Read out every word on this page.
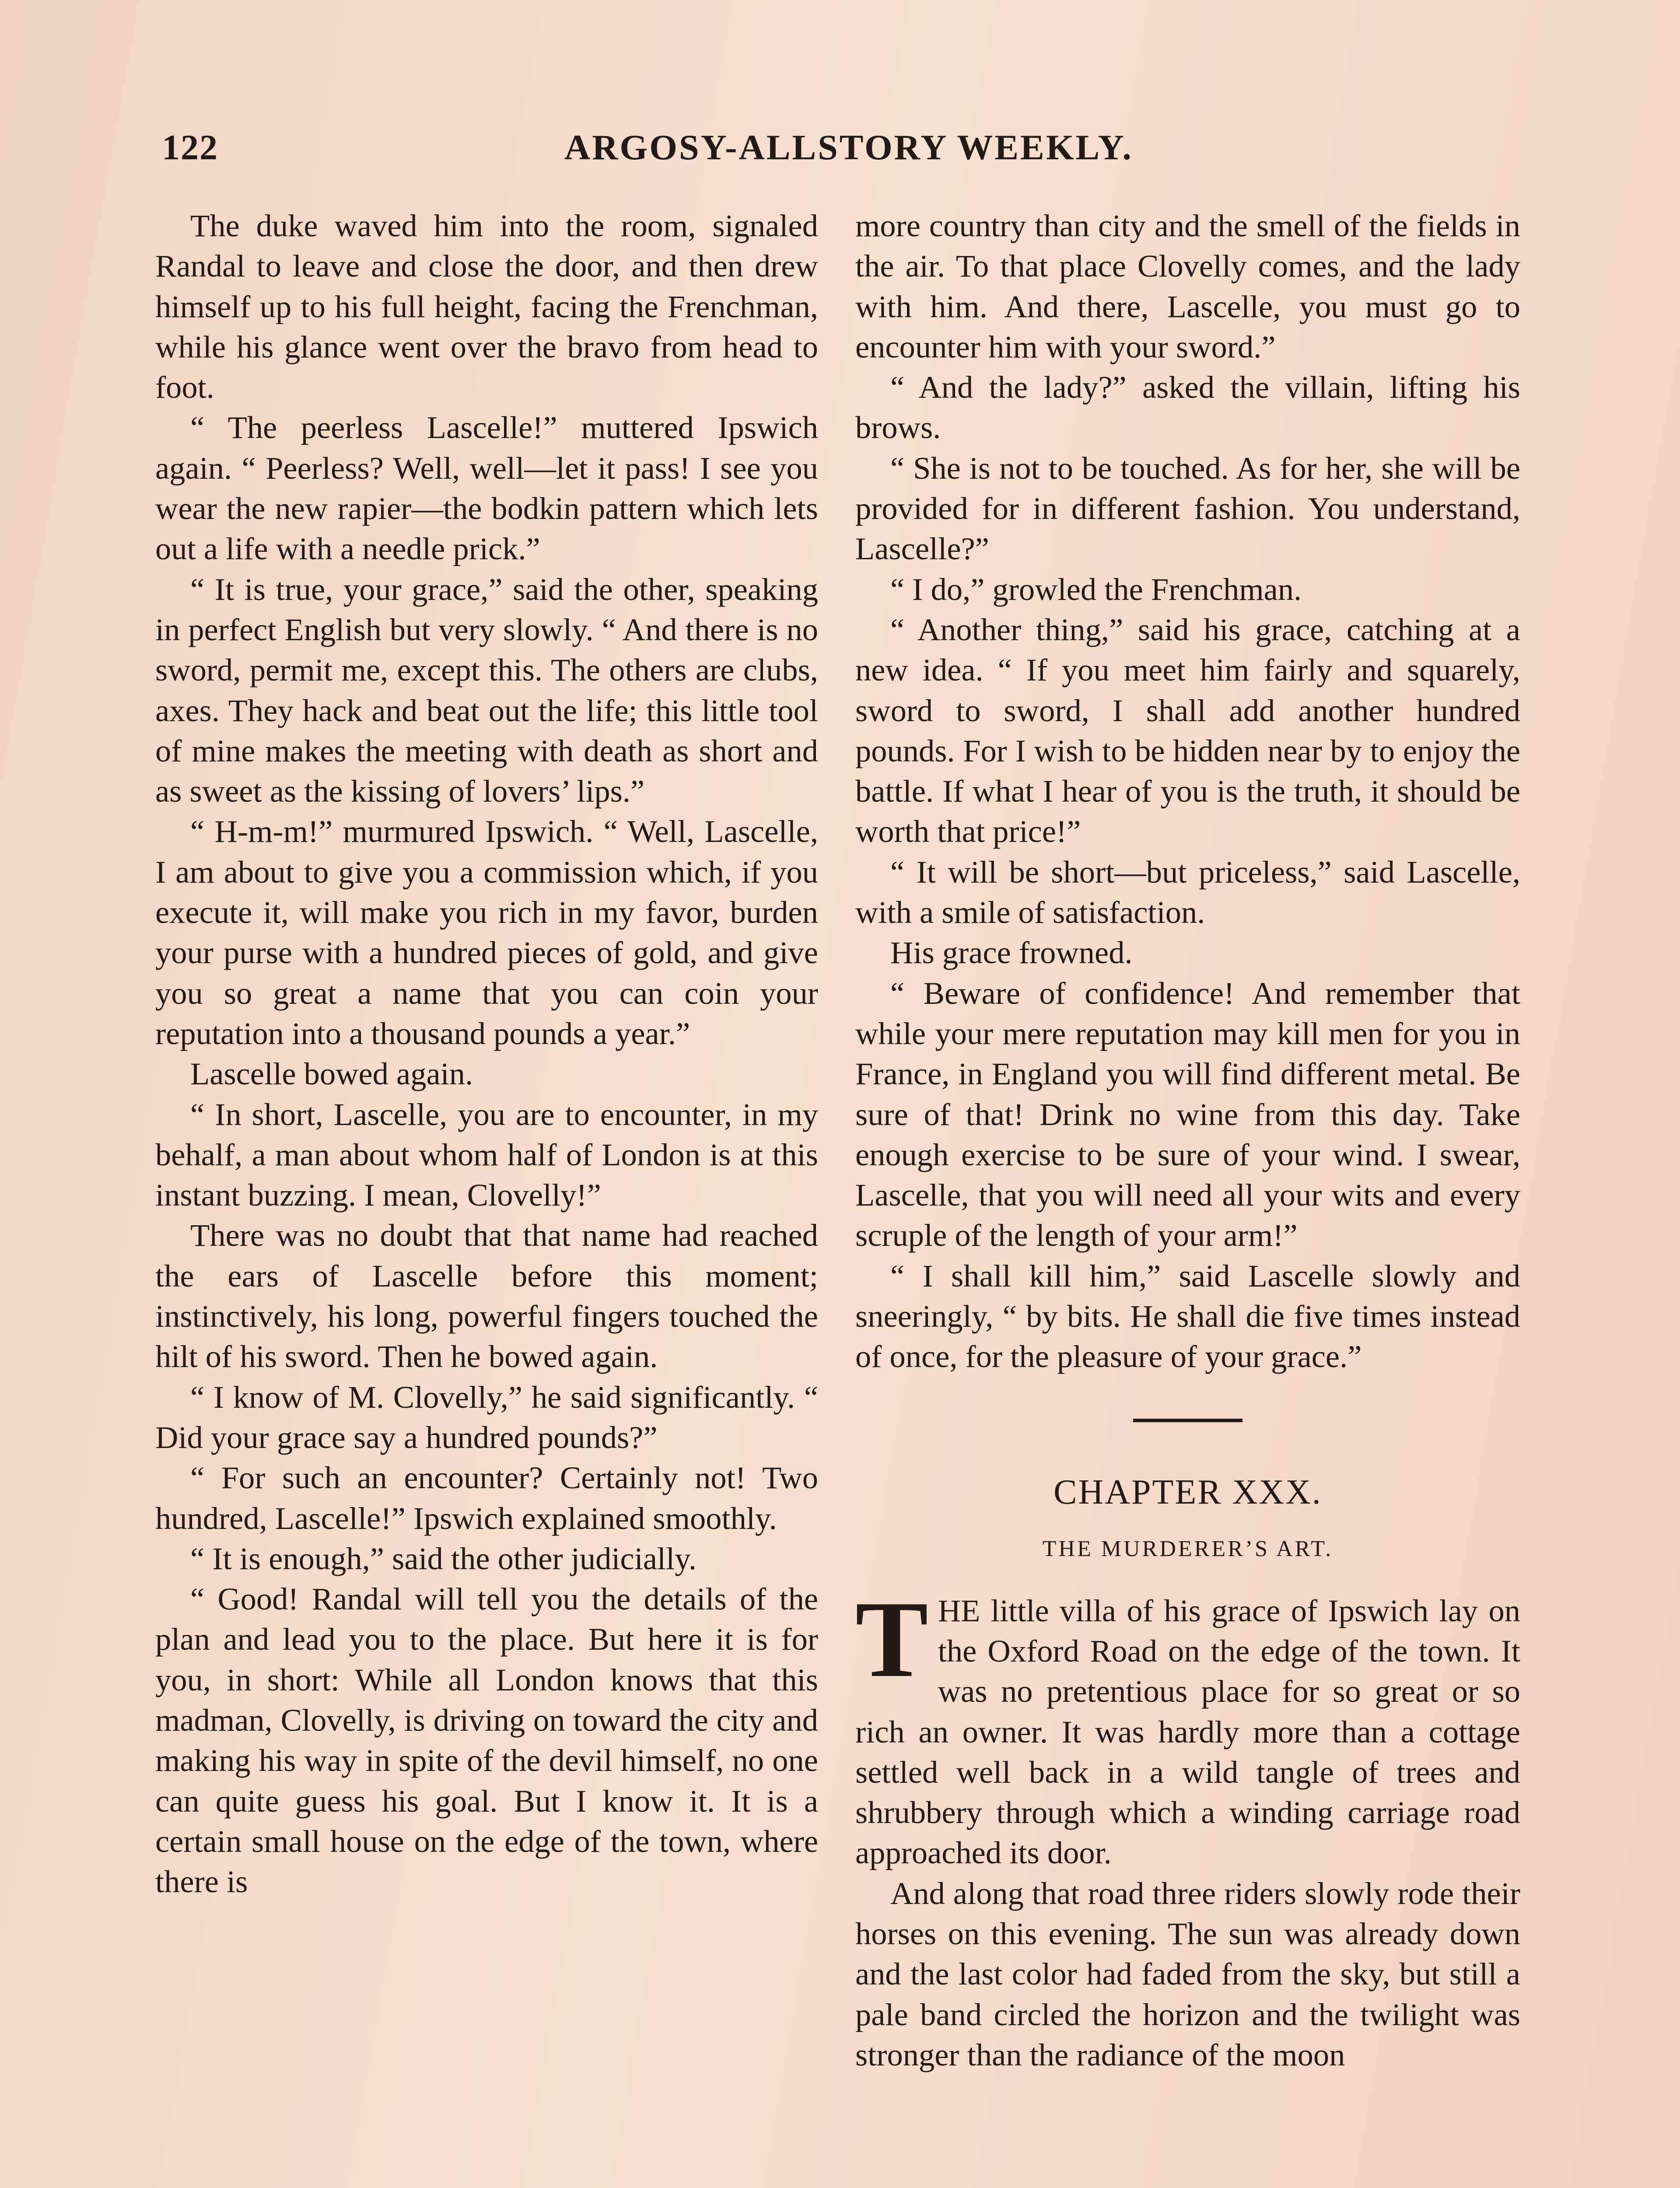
122	ARGOSY-ALLSTORY WEEKLY.

The duke waved him into the room, signaled Randal to leave and close the door, and then drew himself up to his full height, facing the Frenchman, while his glance went over the bravo from head to foot.

“ The peerless Lascelle!” muttered Ipswich again. “ Peerless? Well, well—let it pass! I see you wear the new rapier—the bodkin pattern which lets out a life with a needle prick.”

“ It is true, your grace,” said the other, speaking in perfect English but very slowly. “ And there is no sword, permit me, except this. The others are clubs, axes. They hack and beat out the life; this little tool of mine makes the meeting with death as short and as sweet as the kissing of lovers’ lips.”

“ H-m-m!” murmured Ipswich. “ Well, Lascelle, I am about to give you a commission which, if you execute it, will make you rich in my favor, burden your purse with a hundred pieces of gold, and give you so great a name that you can coin your reputation into a thousand pounds a year.”

Lascelle bowed again.

“ In short, Lascelle, you are to encounter, in my behalf, a man about whom half of London is at this instant buzzing. I mean, Clovelly!”

There was no doubt that that name had reached the ears of Lascelle before this moment; instinctively, his long, powerful fingers touched the hilt of his sword. Then he bowed again.

“ I know of M. Clovelly,” he said significantly. “ Did your grace say a hundred pounds?”

“ For such an encounter? Certainly not! Two hundred, Lascelle!” Ipswich explained smoothly.

“ It is enough,” said the other judicially.

“ Good! Randal will tell you the details of the plan and lead you to the place. But here it is for you, in short: While all London knows that this madman, Clovelly, is driving on toward the city and making his way in spite of the devil himself, no one can quite guess his goal. But I know it. It is a certain small house on the edge of the town, where there is

more country than city and the smell of the fields in the air. To that place Clovelly comes, and the lady with him. And there, Lascelle, you must go to encounter him with your sword.”

“ And the lady?” asked the villain, lifting his brows.

“ She is not to be touched. As for her, she will be provided for in different fashion. You understand, Lascelle?”

“ I do,” growled the Frenchman.

“ Another thing,” said his grace, catching at a new idea. “ If you meet him fairly and squarely, sword to sword, I shall add another hundred pounds. For I wish to be hidden near by to enjoy the battle. If what I hear of you is the truth, it should be worth that price!”

“ It will be short—but priceless,” said Lascelle, with a smile of satisfaction.

His grace frowned.

“ Beware of confidence! And remember that while your mere reputation may kill men for you in France, in England you will find different metal. Be sure of that! Drink no wine from this day. Take enough exercise to be sure of your wind. I swear, Lascelle, that you will need all your wits and every scruple of the length of your arm!”

“ I shall kill him,” said Lascelle slowly and sneeringly, “ by bits. He shall die five times instead of once, for the pleasure of your grace.”

CHAPTER XXX.
THE MURDERER’S ART.

THE little villa of his grace of Ipswich lay on the Oxford Road on the edge of the town. It was no pretentious place for so great or so rich an owner. It was hardly more than a cottage settled well back in a wild tangle of trees and shrubbery through which a winding carriage road approached its door.

And along that road three riders slowly rode their horses on this evening. The sun was already down and the last color had faded from the sky, but still a pale band circled the horizon and the twilight was stronger than the radiance of the moon
